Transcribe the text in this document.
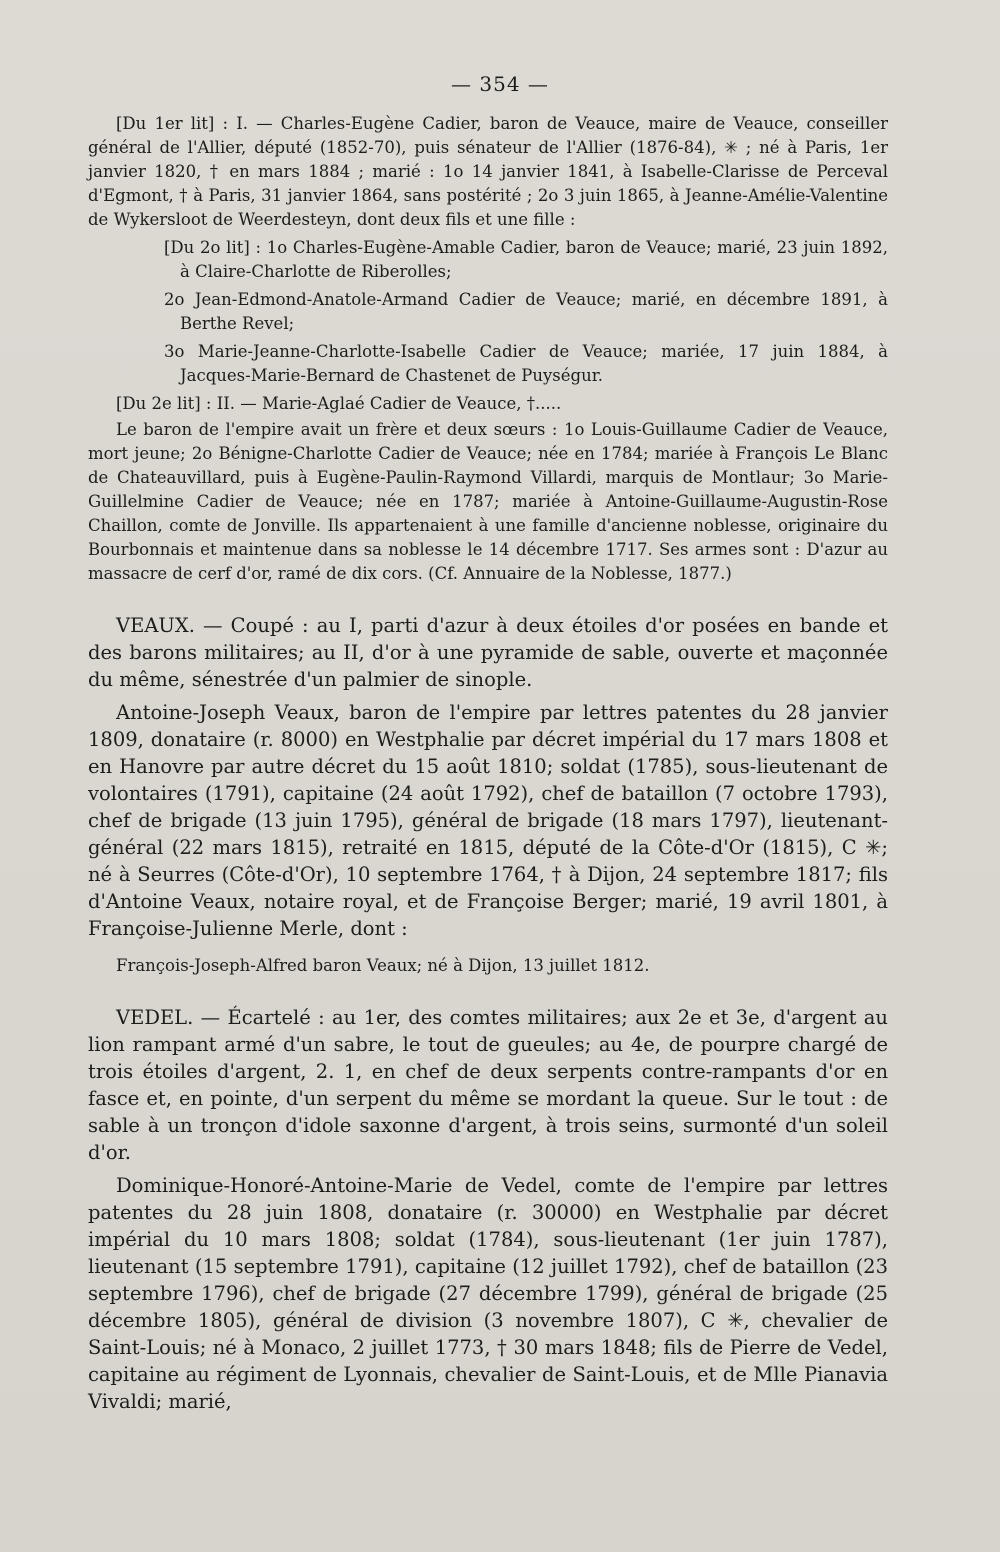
— 354 —

[Du 1er lit] : I. — Charles-Eugène Cadier, baron de Veauce, maire de Veauce, conseiller général de l'Allier, député (1852-70), puis sénateur de l'Allier (1876-84), ✳ ; né à Paris, 1er janvier 1820, † en mars 1884 ; marié : 1o 14 janvier 1841, à Isabelle-Clarisse de Perceval d'Egmont, † à Paris, 31 janvier 1864, sans postérité ; 2o 3 juin 1865, à Jeanne-Amélie-Valentine de Wykersloot de Weerdesteyn, dont deux fils et une fille :

[Du 2o lit] : 1o Charles-Eugène-Amable Cadier, baron de Veauce; marié, 23 juin 1892, à Claire-Charlotte de Riberolles;

2o Jean-Edmond-Anatole-Armand Cadier de Veauce; marié, en décembre 1891, à Berthe Revel;

3o Marie-Jeanne-Charlotte-Isabelle Cadier de Veauce; mariée, 17 juin 1884, à Jacques-Marie-Bernard de Chastenet de Puységur.

[Du 2e lit] : II. — Marie-Aglaé Cadier de Veauce, †.....

Le baron de l'empire avait un frère et deux sœurs : 1o Louis-Guillaume Cadier de Veauce, mort jeune; 2o Bénigne-Charlotte Cadier de Veauce; née en 1784; mariée à François Le Blanc de Chateauvillard, puis à Eugène-Paulin-Raymond Villardi, marquis de Montlaur; 3o Marie-Guillelmine Cadier de Veauce; née en 1787; mariée à Antoine-Guillaume-Augustin-Rose Chaillon, comte de Jonville. Ils appartenaient à une famille d'ancienne noblesse, originaire du Bourbonnais et maintenue dans sa noblesse le 14 décembre 1717. Ses armes sont : D'azur au massacre de cerf d'or, ramé de dix cors. (Cf. Annuaire de la Noblesse, 1877.)

VEAUX. — Coupé : au I, parti d'azur à deux étoiles d'or posées en bande et des barons militaires; au II, d'or à une pyramide de sable, ouverte et maçonnée du même, sénestrée d'un palmier de sinople.

Antoine-Joseph Veaux, baron de l'empire par lettres patentes du 28 janvier 1809, donataire (r. 8000) en Westphalie par décret impérial du 17 mars 1808 et en Hanovre par autre décret du 15 août 1810; soldat (1785), sous-lieutenant de volontaires (1791), capitaine (24 août 1792), chef de bataillon (7 octobre 1793), chef de brigade (13 juin 1795), général de brigade (18 mars 1797), lieutenant-général (22 mars 1815), retraité en 1815, député de la Côte-d'Or (1815), C ✳; né à Seurres (Côte-d'Or), 10 septembre 1764, † à Dijon, 24 septembre 1817; fils d'Antoine Veaux, notaire royal, et de Françoise Berger; marié, 19 avril 1801, à Françoise-Julienne Merle, dont :

François-Joseph-Alfred baron Veaux; né à Dijon, 13 juillet 1812.

VEDEL. — Écartelé : au 1er, des comtes militaires; aux 2e et 3e, d'argent au lion rampant armé d'un sabre, le tout de gueules; au 4e, de pourpre chargé de trois étoiles d'argent, 2. 1, en chef de deux serpents contre-rampants d'or en fasce et, en pointe, d'un serpent du même se mordant la queue. Sur le tout : de sable à un tronçon d'idole saxonne d'argent, à trois seins, surmonté d'un soleil d'or.

Dominique-Honoré-Antoine-Marie de Vedel, comte de l'empire par lettres patentes du 28 juin 1808, donataire (r. 30000) en Westphalie par décret impérial du 10 mars 1808; soldat (1784), sous-lieutenant (1er juin 1787), lieutenant (15 septembre 1791), capitaine (12 juillet 1792), chef de bataillon (23 septembre 1796), chef de brigade (27 décembre 1799), général de brigade (25 décembre 1805), général de division (3 novembre 1807), C ✳, chevalier de Saint-Louis; né à Monaco, 2 juillet 1773, † 30 mars 1848; fils de Pierre de Vedel, capitaine au régiment de Lyonnais, chevalier de Saint-Louis, et de Mlle Pianavia Vivaldi; marié,
